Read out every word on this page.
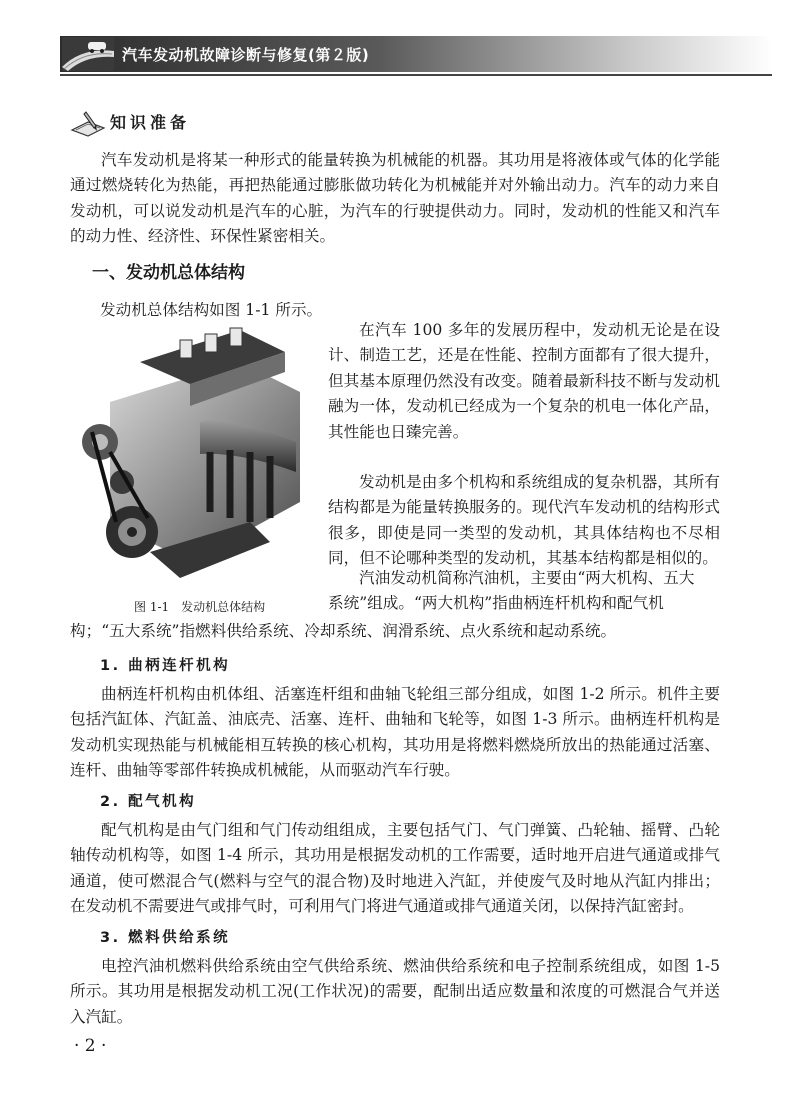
汽车发动机故障诊断与修复(第２版)
知识准备

汽车发动机是将某一种形式的能量转换为机械能的机器。其功用是将液体或气体的化学能通过燃烧转化为热能，再把热能通过膨胀做功转化为机械能并对外输出动力。汽车的动力来自发动机，可以说发动机是汽车的心脏，为汽车的行驶提供动力。同时，发动机的性能又和汽车的动力性、经济性、环保性紧密相关。

一、发动机总体结构
发动机总体结构如图 1-1 所示。

在汽车 100 多年的发展历程中，发动机无论是在设计、制造工艺，还是在性能、控制方面都有了很大提升，但其基本原理仍然没有改变。随着最新科技不断与发动机融为一体，发动机已经成为一个复杂的机电一体化产品，其性能也日臻完善。

发动机是由多个机构和系统组成的复杂机器，其所有结构都是为能量转换服务的。现代汽车发动机的结构形式很多，即使是同一类型的发动机，其具体结构也不尽相同，但不论哪种类型的发动机，其基本结构都是相似的。

汽油发动机简称汽油机，主要由“两大机构、五大

系统”组成。“两大机构”指曲柄连杆机构和配气机

图 1-1　发动机总体结构

构；“五大系统”指燃料供给系统、冷却系统、润滑系统、点火系统和起动系统。

1. 曲柄连杆机构

曲柄连杆机构由机体组、活塞连杆组和曲轴飞轮组三部分组成，如图 1-2 所示。机件主要包括汽缸体、汽缸盖、油底壳、活塞、连杆、曲轴和飞轮等，如图 1-3 所示。曲柄连杆机构是发动机实现热能与机械能相互转换的核心机构，其功用是将燃料燃烧所放出的热能通过活塞、连杆、曲轴等零部件转换成机械能，从而驱动汽车行驶。

2. 配气机构

配气机构是由气门组和气门传动组组成，主要包括气门、气门弹簧、凸轮轴、摇臂、凸轮轴传动机构等，如图 1-4 所示，其功用是根据发动机的工作需要，适时地开启进气通道或排气通道，使可燃混合气(燃料与空气的混合物)及时地进入汽缸，并使废气及时地从汽缸内排出；在发动机不需要进气或排气时，可利用气门将进气通道或排气通道关闭，以保持汽缸密封。

3. 燃料供给系统

电控汽油机燃料供给系统由空气供给系统、燃油供给系统和电子控制系统组成，如图 1-5 所示。其功用是根据发动机工况(工作状况)的需要，配制出适应数量和浓度的可燃混合气并送入汽缸。

· 2 ·
